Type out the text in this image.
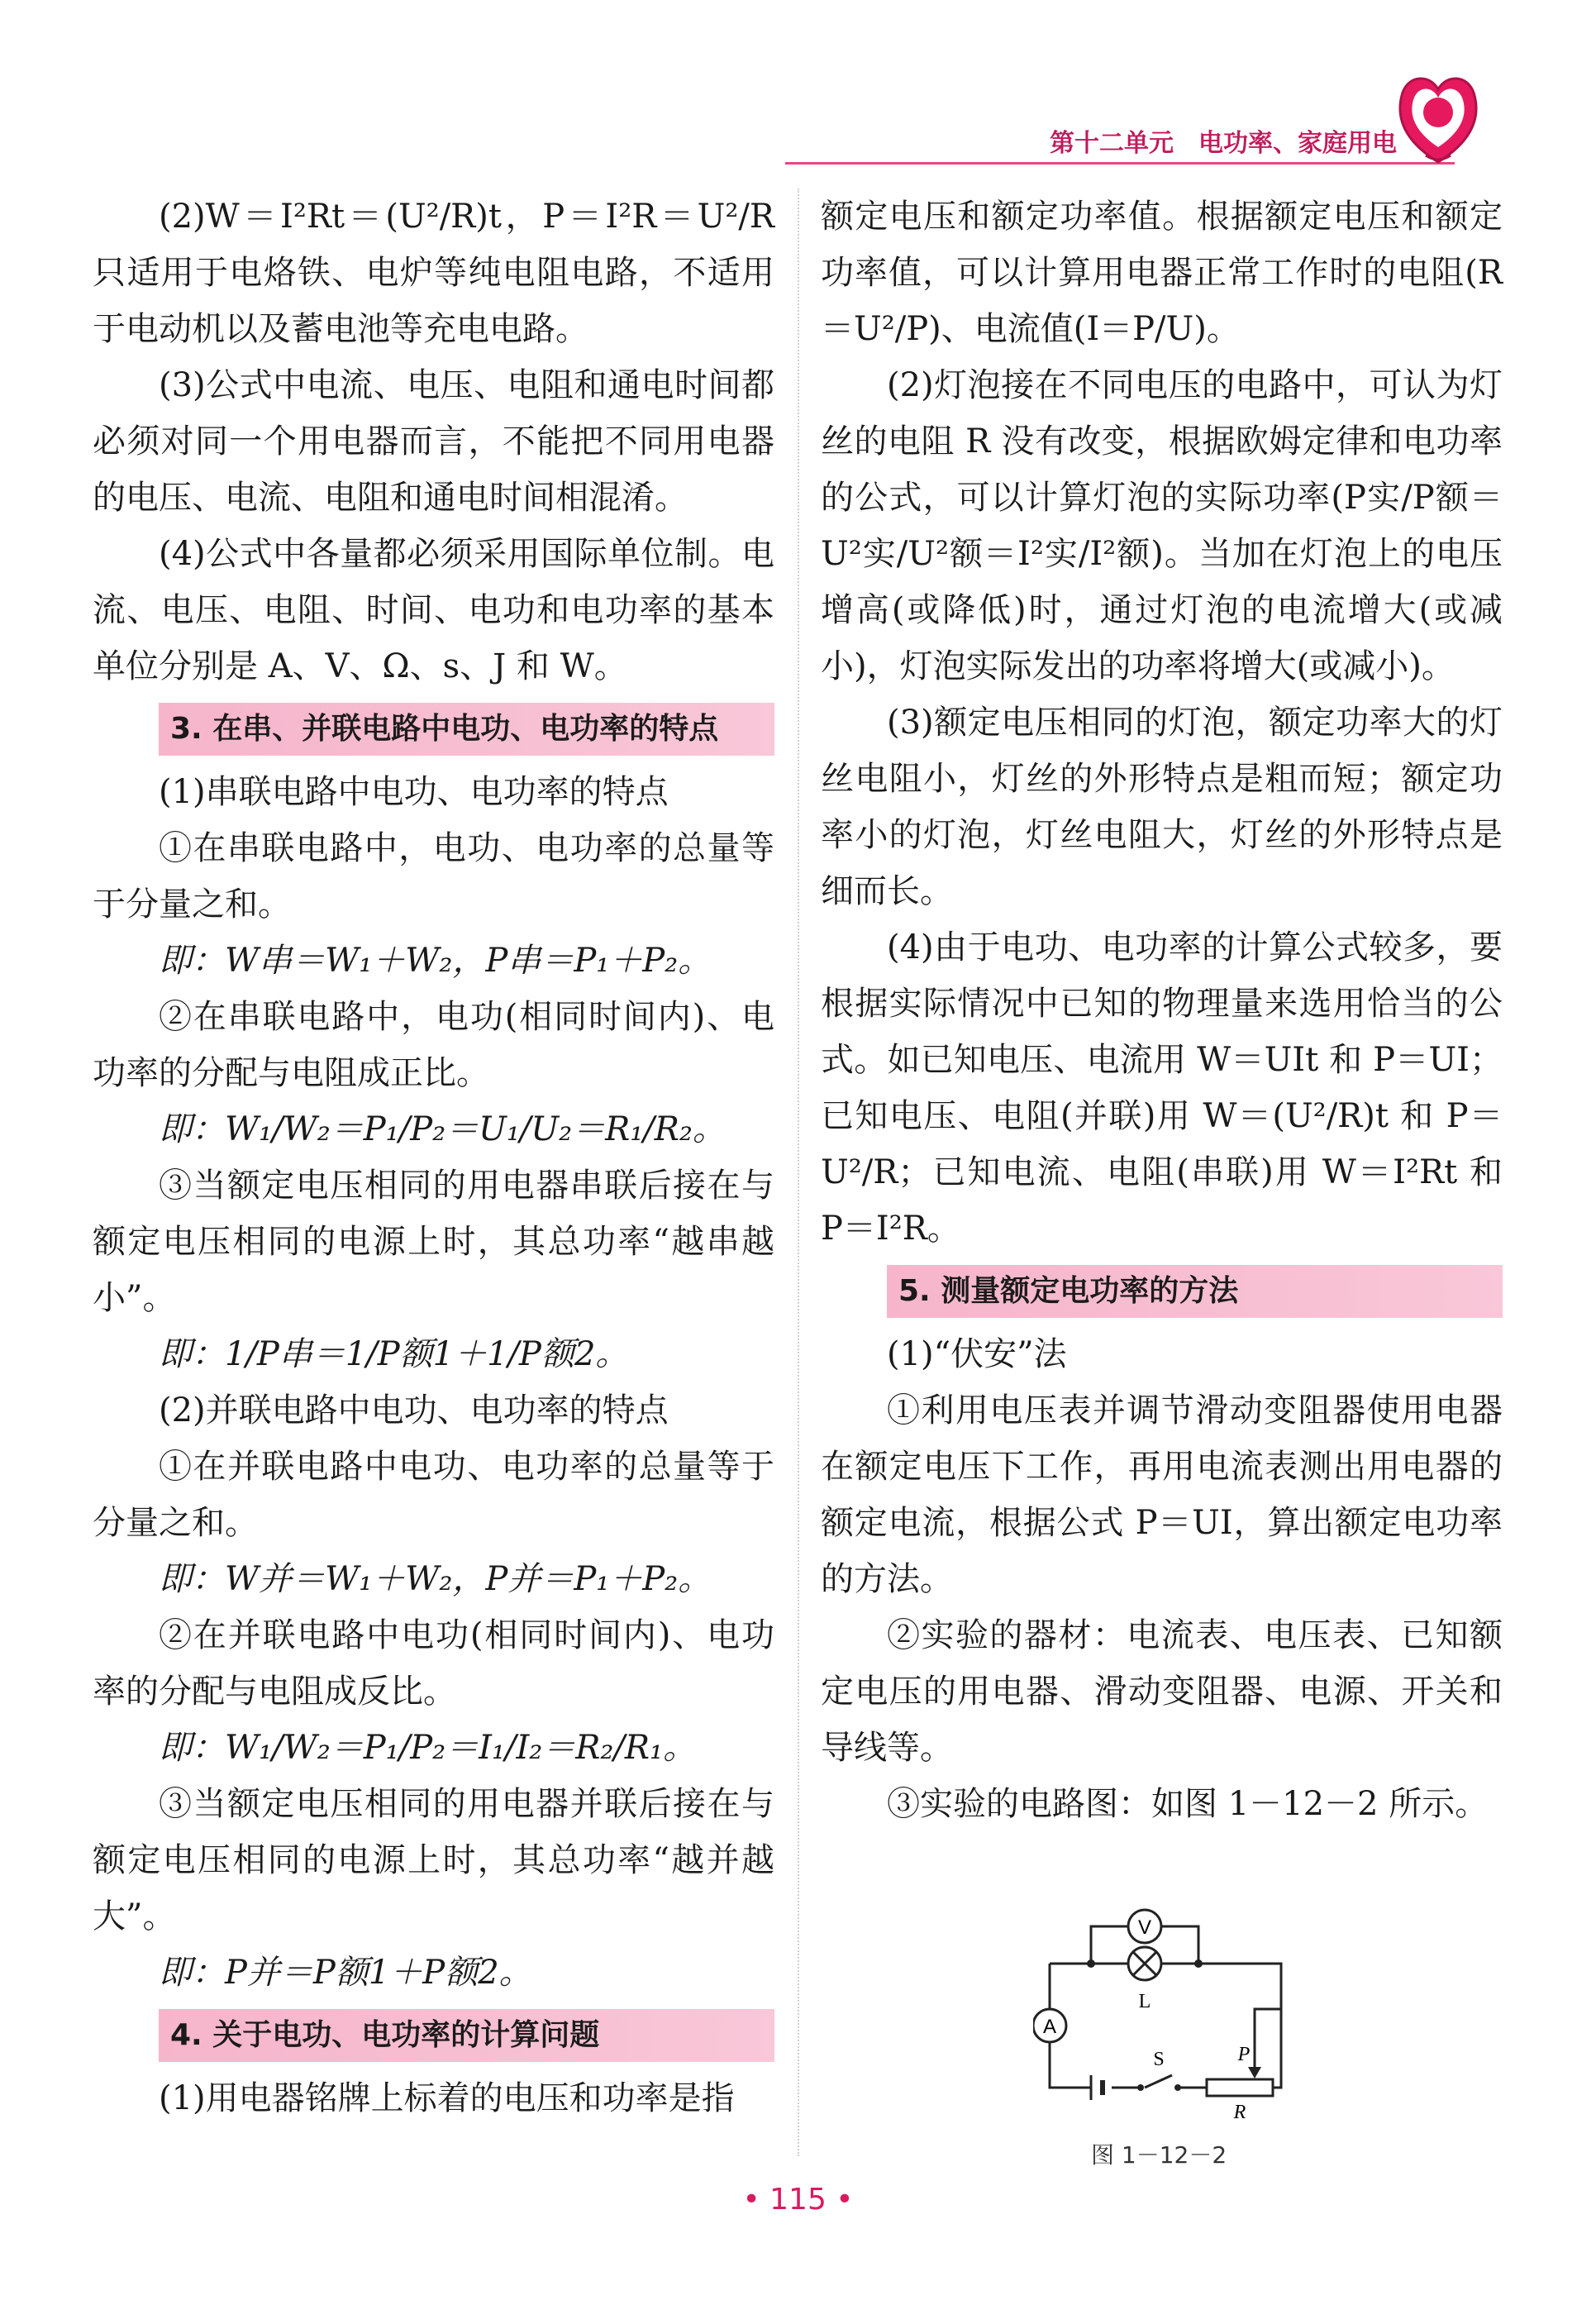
第十二单元　电功率、家庭用电

(2)W＝I²Rt＝(U²/R)t，P＝I²R＝U²/R 只适用于电烙铁、电炉等纯电阻电路，不适用于电动机以及蓄电池等充电电路。

(3)公式中电流、电压、电阻和通电时间都必须对同一个用电器而言，不能把不同用电器的电压、电流、电阻和通电时间相混淆。

(4)公式中各量都必须采用国际单位制。电流、电压、电阻、时间、电功和电功率的基本单位分别是 A、V、Ω、s、J 和 W。

3. 在串、并联电路中电功、电功率的特点

(1)串联电路中电功、电功率的特点

①在串联电路中，电功、电功率的总量等于分量之和。

即：W串＝W₁＋W₂，P串＝P₁＋P₂。

②在串联电路中，电功(相同时间内)、电功率的分配与电阻成正比。

即：W₁/W₂＝P₁/P₂＝U₁/U₂＝R₁/R₂。

③当额定电压相同的用电器串联后接在与额定电压相同的电源上时，其总功率“越串越小”。

即：1/P串＝1/P额1＋1/P额2。

(2)并联电路中电功、电功率的特点

①在并联电路中电功、电功率的总量等于分量之和。

即：W并＝W₁＋W₂，P并＝P₁＋P₂。

②在并联电路中电功(相同时间内)、电功率的分配与电阻成反比。

即：W₁/W₂＝P₁/P₂＝I₁/I₂＝R₂/R₁。

③当额定电压相同的用电器并联后接在与额定电压相同的电源上时，其总功率“越并越大”。

即：P并＝P额1＋P额2。

4. 关于电功、电功率的计算问题

(1)用电器铭牌上标着的电压和功率是指

额定电压和额定功率值。根据额定电压和额定功率值，可以计算用电器正常工作时的电阻(R＝U²/P)、电流值(I＝P/U)。

(2)灯泡接在不同电压的电路中，可认为灯丝的电阻 R 没有改变，根据欧姆定律和电功率的公式，可以计算灯泡的实际功率(P实/P额＝U²实/U²额＝I²实/I²额)。当加在灯泡上的电压增高(或降低)时，通过灯泡的电流增大(或减小)，灯泡实际发出的功率将增大(或减小)。

(3)额定电压相同的灯泡，额定功率大的灯丝电阻小，灯丝的外形特点是粗而短；额定功率小的灯泡，灯丝电阻大，灯丝的外形特点是细而长。

(4)由于电功、电功率的计算公式较多，要根据实际情况中已知的物理量来选用恰当的公式。如已知电压、电流用 W＝UIt 和 P＝UI；已知电压、电阻(并联)用 W＝(U²/R)t 和 P＝U²/R；已知电流、电阻(串联)用 W＝I²Rt 和 P＝I²R。

5. 测量额定电功率的方法

(1)“伏安”法

①利用电压表并调节滑动变阻器使用电器在额定电压下工作，再用电流表测出用电器的额定电流，根据公式 P＝UI，算出额定电功率的方法。

②实验的器材：电流表、电压表、已知额定电压的用电器、滑动变阻器、电源、开关和导线等。

③实验的电路图：如图 1－12－2 所示。

V
L
A
S	P
R
图 1－12－2
• 115 •
